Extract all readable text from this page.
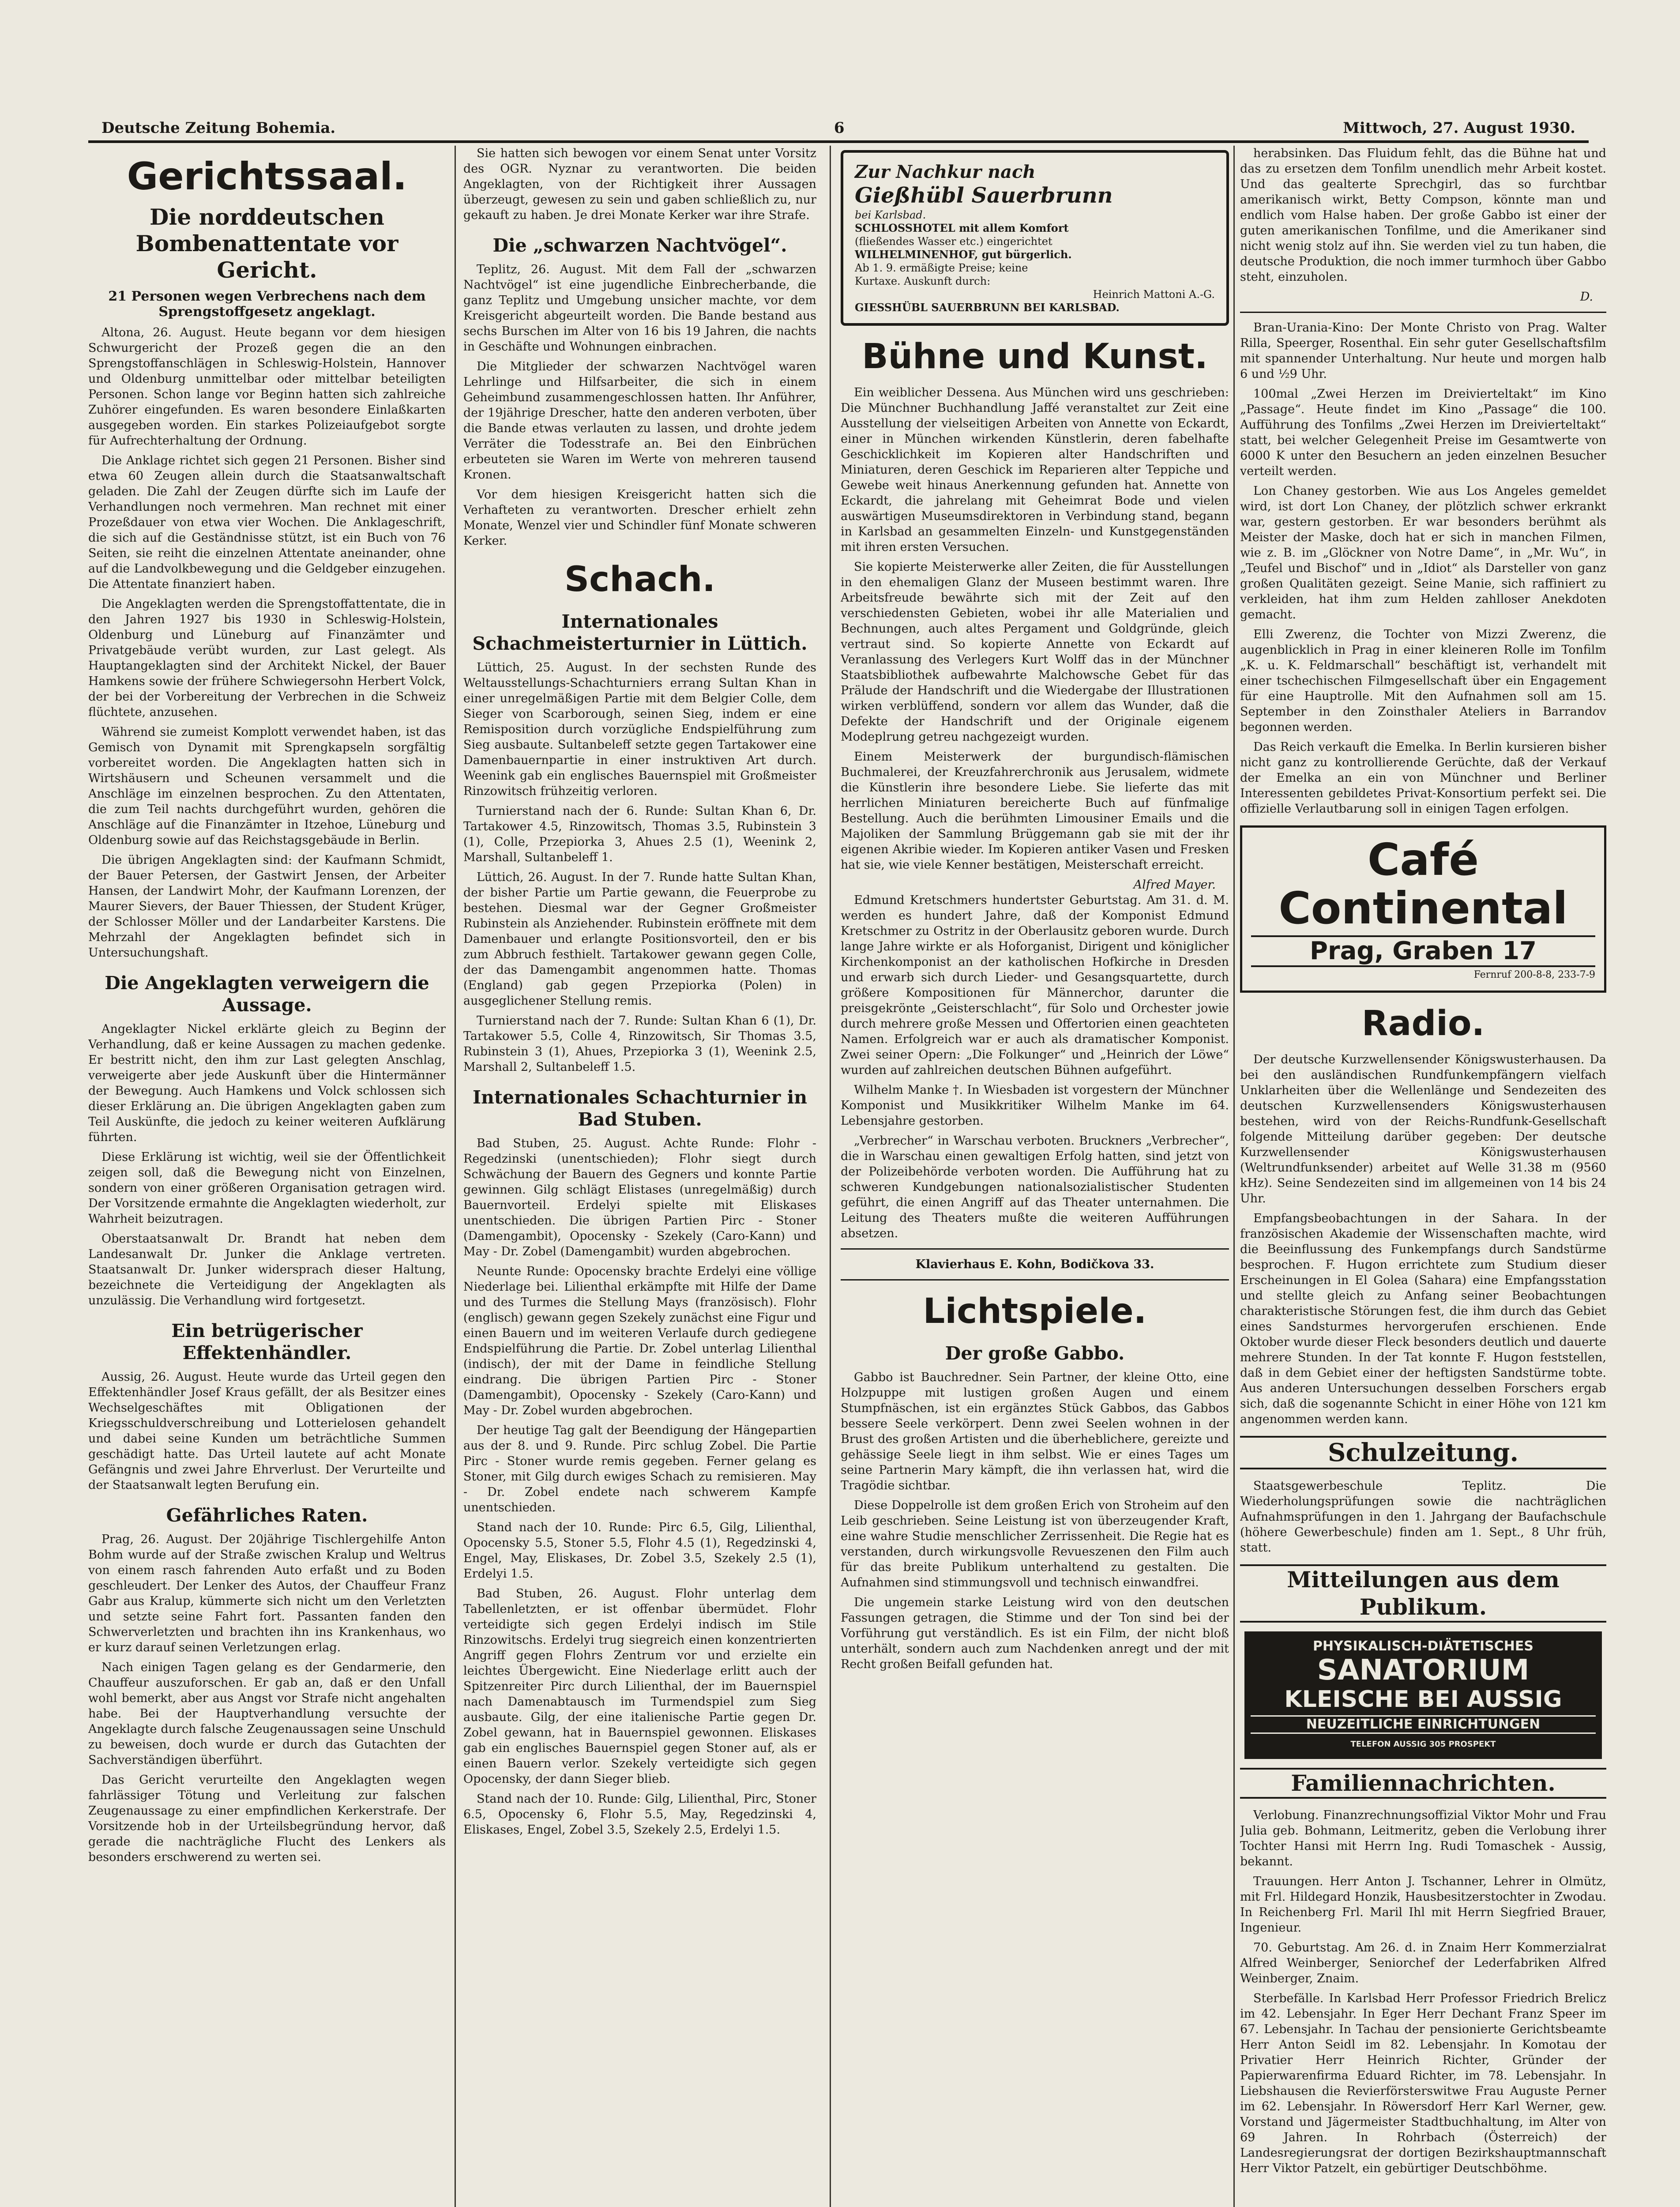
Deutsche Zeitung Bohemia.	6	Mittwoch, 27. August 1930.
Gerichtssaal.
Die norddeutschen Bombenattentate vor Gericht.
21 Personen wegen Verbrechens nach dem Sprengstoffgesetz angeklagt.

Altona, 26. August. Heute begann vor dem hiesigen Schwurgericht der Prozeß gegen die an den Sprengstoffanschlägen in Schleswig-Holstein, Hannover und Oldenburg unmittelbar oder mittelbar beteiligten Personen. Schon lange vor Beginn hatten sich zahlreiche Zuhörer eingefunden. Es waren besondere Einlaßkarten ausgegeben worden. Ein starkes Polizeiaufgebot sorgte für Aufrechterhaltung der Ordnung.

Die Anklage richtet sich gegen 21 Personen. Bisher sind etwa 60 Zeugen allein durch die Staatsanwaltschaft geladen. Die Zahl der Zeugen dürfte sich im Laufe der Verhandlungen noch vermehren. Man rechnet mit einer Prozeßdauer von etwa vier Wochen. Die Anklageschrift, die sich auf die Geständnisse stützt, ist ein Buch von 76 Seiten, sie reiht die einzelnen Attentate aneinander, ohne auf die Landvolkbewegung und die Geldgeber einzugehen. Die Attentate finanziert haben.

Die Angeklagten werden die Sprengstoffattentate, die in den Jahren 1927 bis 1930 in Schleswig-Holstein, Oldenburg und Lüneburg auf Finanzämter und Privatgebäude verübt wurden, zur Last gelegt. Als Hauptangeklagten sind der Architekt Nickel, der Bauer Hamkens sowie der frühere Schwiegersohn Herbert Volck, der bei der Vorbereitung der Verbrechen in die Schweiz flüchtete, anzusehen.

Während sie zumeist Komplott verwendet haben, ist das Gemisch von Dynamit mit Sprengkapseln sorgfältig vorbereitet worden. Die Angeklagten hatten sich in Wirtshäusern und Scheunen versammelt und die Anschläge im einzelnen besprochen. Zu den Attentaten, die zum Teil nachts durchgeführt wurden, gehören die Anschläge auf die Finanzämter in Itzehoe, Lüneburg und Oldenburg sowie auf das Reichstagsgebäude in Berlin.

Die übrigen Angeklagten sind: der Kaufmann Schmidt, der Bauer Petersen, der Gastwirt Jensen, der Arbeiter Hansen, der Landwirt Mohr, der Kaufmann Lorenzen, der Maurer Sievers, der Bauer Thiessen, der Student Krüger, der Schlosser Möller und der Landarbeiter Karstens. Die Mehrzahl der Angeklagten befindet sich in Untersuchungshaft.

Die Angeklagten verweigern die Aussage.

Angeklagter Nickel erklärte gleich zu Beginn der Verhandlung, daß er keine Aussagen zu machen gedenke. Er bestritt nicht, den ihm zur Last gelegten Anschlag, verweigerte aber jede Auskunft über die Hintermänner der Bewegung. Auch Hamkens und Volck schlossen sich dieser Erklärung an. Die übrigen Angeklagten gaben zum Teil Auskünfte, die jedoch zu keiner weiteren Aufklärung führten.

Diese Erklärung ist wichtig, weil sie der Öffentlichkeit zeigen soll, daß die Bewegung nicht von Einzelnen, sondern von einer größeren Organisation getragen wird. Der Vorsitzende ermahnte die Angeklagten wiederholt, zur Wahrheit beizutragen.

Oberstaatsanwalt Dr. Brandt hat neben dem Landesanwalt Dr. Junker die Anklage vertreten. Staatsanwalt Dr. Junker widersprach dieser Haltung, bezeichnete die Verteidigung der Angeklagten als unzulässig. Die Verhandlung wird fortgesetzt.

Ein betrügerischer Effektenhändler.

Aussig, 26. August. Heute wurde das Urteil gegen den Effektenhändler Josef Kraus gefällt, der als Besitzer eines Wechselgeschäftes mit Obligationen der Kriegsschuldverschreibung und Lotterielosen gehandelt und dabei seine Kunden um beträchtliche Summen geschädigt hatte. Das Urteil lautete auf acht Monate Gefängnis und zwei Jahre Ehrverlust. Der Verurteilte und der Staatsanwalt legten Berufung ein.

Gefährliches Raten.

Prag, 26. August. Der 20jährige Tischlergehilfe Anton Bohm wurde auf der Straße zwischen Kralup und Weltrus von einem rasch fahrenden Auto erfaßt und zu Boden geschleudert. Der Lenker des Autos, der Chauffeur Franz Gabr aus Kralup, kümmerte sich nicht um den Verletzten und setzte seine Fahrt fort. Passanten fanden den Schwerverletzten und brachten ihn ins Krankenhaus, wo er kurz darauf seinen Verletzungen erlag.

Nach einigen Tagen gelang es der Gendarmerie, den Chauffeur auszuforschen. Er gab an, daß er den Unfall wohl bemerkt, aber aus Angst vor Strafe nicht angehalten habe. Bei der Hauptverhandlung versuchte der Angeklagte durch falsche Zeugenaussagen seine Unschuld zu beweisen, doch wurde er durch das Gutachten der Sachverständigen überführt.

Das Gericht verurteilte den Angeklagten wegen fahrlässiger Tötung und Verleitung zur falschen Zeugenaussage zu einer empfindlichen Kerkerstrafe. Der Vorsitzende hob in der Urteilsbegründung hervor, daß gerade die nachträgliche Flucht des Lenkers als besonders erschwerend zu werten sei.

Sie hatten sich bewogen vor einem Senat unter Vorsitz des OGR. Nyznar zu verantworten. Die beiden Angeklagten, von der Richtigkeit ihrer Aussagen überzeugt, gewesen zu sein und gaben schließlich zu, nur gekauft zu haben. Je drei Monate Kerker war ihre Strafe.

Die „schwarzen Nachtvögel“.

Teplitz, 26. August. Mit dem Fall der „schwarzen Nachtvögel“ ist eine jugendliche Einbrecherbande, die ganz Teplitz und Umgebung unsicher machte, vor dem Kreisgericht abgeurteilt worden. Die Bande bestand aus sechs Burschen im Alter von 16 bis 19 Jahren, die nachts in Geschäfte und Wohnungen einbrachen.

Die Mitglieder der schwarzen Nachtvögel waren Lehrlinge und Hilfsarbeiter, die sich in einem Geheimbund zusammengeschlossen hatten. Ihr Anführer, der 19jährige Drescher, hatte den anderen verboten, über die Bande etwas verlauten zu lassen, und drohte jedem Verräter die Todesstrafe an. Bei den Einbrüchen erbeuteten sie Waren im Werte von mehreren tausend Kronen.

Vor dem hiesigen Kreisgericht hatten sich die Verhafteten zu verantworten. Drescher erhielt zehn Monate, Wenzel vier und Schindler fünf Monate schweren Kerker.

Schach.
Internationales Schachmeisterturnier in Lüttich.

Lüttich, 25. August. In der sechsten Runde des Weltausstellungs-Schachturniers errang Sultan Khan in einer unregelmäßigen Partie mit dem Belgier Colle, dem Sieger von Scarborough, seinen Sieg, indem er eine Remisposition durch vorzügliche Endspielführung zum Sieg ausbaute. Sultanbeleff setzte gegen Tartakower eine Damenbauernpartie in einer instruktiven Art durch. Weenink gab ein englisches Bauernspiel mit Großmeister Rinzowitsch frühzeitig verloren.

Turnierstand nach der 6. Runde: Sultan Khan 6, Dr. Tartakower 4.5, Rinzowitsch, Thomas 3.5, Rubinstein 3 (1), Colle, Przepiorka 3, Ahues 2.5 (1), Weenink 2, Marshall, Sultanbeleff 1.

Lüttich, 26. August. In der 7. Runde hatte Sultan Khan, der bisher Partie um Partie gewann, die Feuerprobe zu bestehen. Diesmal war der Gegner Großmeister Rubinstein als Anziehender. Rubinstein eröffnete mit dem Damenbauer und erlangte Positionsvorteil, den er bis zum Abbruch festhielt. Tartakower gewann gegen Colle, der das Damengambit angenommen hatte. Thomas (England) gab gegen Przepiorka (Polen) in ausgeglichener Stellung remis.

Turnierstand nach der 7. Runde: Sultan Khan 6 (1), Dr. Tartakower 5.5, Colle 4, Rinzowitsch, Sir Thomas 3.5, Rubinstein 3 (1), Ahues, Przepiorka 3 (1), Weenink 2.5, Marshall 2, Sultanbeleff 1.5.

Internationales Schachturnier in Bad Stuben.

Bad Stuben, 25. August. Achte Runde: Flohr - Regedzinski (unentschieden); Flohr siegt durch Schwächung der Bauern des Gegners und konnte Partie gewinnen. Gilg schlägt Elistases (unregelmäßig) durch Bauernvorteil. Erdelyi spielte mit Eliskases unentschieden. Die übrigen Partien Pirc - Stoner (Damengambit), Opocensky - Szekely (Caro-Kann) und May - Dr. Zobel (Damengambit) wurden abgebrochen.

Neunte Runde: Opocensky brachte Erdelyi eine völlige Niederlage bei. Lilienthal erkämpfte mit Hilfe der Dame und des Turmes die Stellung Mays (französisch). Flohr (englisch) gewann gegen Szekely zunächst eine Figur und einen Bauern und im weiteren Verlaufe durch gediegene Endspielführung die Partie. Dr. Zobel unterlag Lilienthal (indisch), der mit der Dame in feindliche Stellung eindrang. Die übrigen Partien Pirc - Stoner (Damengambit), Opocensky - Szekely (Caro-Kann) und May - Dr. Zobel wurden abgebrochen.

Der heutige Tag galt der Beendigung der Hängepartien aus der 8. und 9. Runde. Pirc schlug Zobel. Die Partie Pirc - Stoner wurde remis gegeben. Ferner gelang es Stoner, mit Gilg durch ewiges Schach zu remisieren. May - Dr. Zobel endete nach schwerem Kampfe unentschieden.

Stand nach der 10. Runde: Pirc 6.5, Gilg, Lilienthal, Opocensky 5.5, Stoner 5.5, Flohr 4.5 (1), Regedzinski 4, Engel, May, Eliskases, Dr. Zobel 3.5, Szekely 2.5 (1), Erdelyi 1.5.

Bad Stuben, 26. August. Flohr unterlag dem Tabellenletzten, er ist offenbar übermüdet. Flohr verteidigte sich gegen Erdelyi indisch im Stile Rinzowitschs. Erdelyi trug siegreich einen konzentrierten Angriff gegen Flohrs Zentrum vor und erzielte ein leichtes Übergewicht. Eine Niederlage erlitt auch der Spitzenreiter Pirc durch Lilienthal, der im Bauernspiel nach Damenabtausch im Turmendspiel zum Sieg ausbaute. Gilg, der eine italienische Partie gegen Dr. Zobel gewann, hat in Bauernspiel gewonnen. Eliskases gab ein englisches Bauernspiel gegen Stoner auf, als er einen Bauern verlor. Szekely verteidigte sich gegen Opocensky, der dann Sieger blieb.

Stand nach der 10. Runde: Gilg, Lilienthal, Pirc, Stoner 6.5, Opocensky 6, Flohr 5.5, May, Regedzinski 4, Eliskases, Engel, Zobel 3.5, Szekely 2.5, Erdelyi 1.5.

Zur Nachkur nach
Gießhübl Sauerbrunn
bei Karlsbad.
SCHLOSSHOTEL mit allem Komfort
(fließendes Wasser etc.) eingerichtet
WILHELMINENHOF, gut bürgerlich.
Ab 1. 9. ermäßigte Preise; keine
Kurtaxe. Auskunft durch:
Heinrich Mattoni A.-G.
GIESSHÜBL SAUERBRUNN BEI KARLSBAD.
Bühne und Kunst.

Ein weiblicher Dessena. Aus München wird uns geschrieben: Die Münchner Buchhandlung Jaffé veranstaltet zur Zeit eine Ausstellung der vielseitigen Arbeiten von Annette von Eckardt, einer in München wirkenden Künstlerin, deren fabelhafte Geschicklichkeit im Kopieren alter Handschriften und Miniaturen, deren Geschick im Reparieren alter Teppiche und Gewebe weit hinaus Anerkennung gefunden hat. Annette von Eckardt, die jahrelang mit Geheimrat Bode und vielen auswärtigen Museumsdirektoren in Verbindung stand, begann in Karlsbad an gesammelten Einzeln- und Kunstgegenständen mit ihren ersten Versuchen.

Sie kopierte Meisterwerke aller Zeiten, die für Ausstellungen in den ehemaligen Glanz der Museen bestimmt waren. Ihre Arbeitsfreude bewährte sich mit der Zeit auf den verschiedensten Gebieten, wobei ihr alle Materialien und Bechnungen, auch altes Pergament und Goldgründe, gleich vertraut sind. So kopierte Annette von Eckardt auf Veranlassung des Verlegers Kurt Wolff das in der Münchner Staatsbibliothek aufbewahrte Malchowsche Gebet für das Prälude der Handschrift und die Wiedergabe der Illustrationen wirken verblüffend, sondern vor allem das Wunder, daß die Defekte der Handschrift und der Originale eigenem Modeplrung getreu nachgezeigt wurden.

Einem Meisterwerk der burgundisch-flämischen Buchmalerei, der Kreuzfahrerchronik aus Jerusalem, widmete die Künstlerin ihre besondere Liebe. Sie lieferte das mit herrlichen Miniaturen bereicherte Buch auf fünfmalige Bestellung. Auch die berühmten Limousiner Emails und die Majoliken der Sammlung Brüggemann gab sie mit der ihr eigenen Akribie wieder. Im Kopieren antiker Vasen und Fresken hat sie, wie viele Kenner bestätigen, Meisterschaft erreicht.

Alfred Mayer.

Edmund Kretschmers hundertster Geburtstag. Am 31. d. M. werden es hundert Jahre, daß der Komponist Edmund Kretschmer zu Ostritz in der Oberlausitz geboren wurde. Durch lange Jahre wirkte er als Hoforganist, Dirigent und königlicher Kirchenkomponist an der katholischen Hofkirche in Dresden und erwarb sich durch Lieder- und Gesangsquartette, durch größere Kompositionen für Männerchor, darunter die preisgekrönte „Geisterschlacht“, für Solo und Orchester jowie durch mehrere große Messen und Offertorien einen geachteten Namen. Erfolgreich war er auch als dramatischer Komponist. Zwei seiner Opern: „Die Folkunger“ und „Heinrich der Löwe“ wurden auf zahlreichen deutschen Bühnen aufgeführt.

Wilhelm Manke †. In Wiesbaden ist vorgestern der Münchner Komponist und Musikkritiker Wilhelm Manke im 64. Lebensjahre gestorben.

„Verbrecher“ in Warschau verboten. Bruckners „Verbrecher“, die in Warschau einen gewaltigen Erfolg hatten, sind jetzt von der Polizeibehörde verboten worden. Die Aufführung hat zu schweren Kundgebungen nationalsozialistischer Studenten geführt, die einen Angriff auf das Theater unternahmen. Die Leitung des Theaters mußte die weiteren Aufführungen absetzen.

Klavierhaus E. Kohn, Bodičkova 33.
Lichtspiele.
Der große Gabbo.

Gabbo ist Bauchredner. Sein Partner, der kleine Otto, eine Holzpuppe mit lustigen großen Augen und einem Stumpfnäschen, ist ein ergänztes Stück Gabbos, das Gabbos bessere Seele verkörpert. Denn zwei Seelen wohnen in der Brust des großen Artisten und die überheblichere, gereizte und gehässige Seele liegt in ihm selbst. Wie er eines Tages um seine Partnerin Mary kämpft, die ihn verlassen hat, wird die Tragödie sichtbar.

Diese Doppelrolle ist dem großen Erich von Stroheim auf den Leib geschrieben. Seine Leistung ist von überzeugender Kraft, eine wahre Studie menschlicher Zerrissenheit. Die Regie hat es verstanden, durch wirkungsvolle Revueszenen den Film auch für das breite Publikum unterhaltend zu gestalten. Die Aufnahmen sind stimmungsvoll und technisch einwandfrei.

Die ungemein starke Leistung wird von den deutschen Fassungen getragen, die Stimme und der Ton sind bei der Vorführung gut verständlich. Es ist ein Film, der nicht bloß unterhält, sondern auch zum Nachdenken anregt und der mit Recht großen Beifall gefunden hat.

herabsinken. Das Fluidum fehlt, das die Bühne hat und das zu ersetzen dem Tonfilm unendlich mehr Arbeit kostet. Und das gealterte Sprechgirl, das so furchtbar amerikanisch wirkt, Betty Compson, könnte man und endlich vom Halse haben. Der große Gabbo ist einer der guten amerikanischen Tonfilme, und die Amerikaner sind nicht wenig stolz auf ihn. Sie werden viel zu tun haben, die deutsche Produktion, die noch immer turmhoch über Gabbo steht, einzuholen.

D.

Bran-Urania-Kino: Der Monte Christo von Prag. Walter Rilla, Speerger, Rosenthal. Ein sehr guter Gesellschaftsfilm mit spannender Unterhaltung. Nur heute und morgen halb 6 und ½9 Uhr.

100mal „Zwei Herzen im Dreivierteltakt“ im Kino „Passage“. Heute findet im Kino „Passage“ die 100. Aufführung des Tonfilms „Zwei Herzen im Dreivierteltakt“ statt, bei welcher Gelegenheit Preise im Gesamtwerte von 6000 K unter den Besuchern an jeden einzelnen Besucher verteilt werden.

Lon Chaney gestorben. Wie aus Los Angeles gemeldet wird, ist dort Lon Chaney, der plötzlich schwer erkrankt war, gestern gestorben. Er war besonders berühmt als Meister der Maske, doch hat er sich in manchen Filmen, wie z. B. im „Glöckner von Notre Dame“, in „Mr. Wu“, in „Teufel und Bischof“ und in „Idiot“ als Darsteller von ganz großen Qualitäten gezeigt. Seine Manie, sich raffiniert zu verkleiden, hat ihm zum Helden zahlloser Anekdoten gemacht.

Elli Zwerenz, die Tochter von Mizzi Zwerenz, die augenblicklich in Prag in einer kleineren Rolle im Tonfilm „K. u. K. Feldmarschall“ beschäftigt ist, verhandelt mit einer tschechischen Filmgesellschaft über ein Engagement für eine Hauptrolle. Mit den Aufnahmen soll am 15. September in den Zoinsthaler Ateliers in Barrandov begonnen werden.

Das Reich verkauft die Emelka. In Berlin kursieren bisher nicht ganz zu kontrollierende Gerüchte, daß der Verkauf der Emelka an ein von Münchner und Berliner Interessenten gebildetes Privat-Konsortium perfekt sei. Die offizielle Verlautbarung soll in einigen Tagen erfolgen.

Café Continental
Prag, Graben 17
Fernruf 200-8-8, 233-7-9
Radio.

Der deutsche Kurzwellensender Königswusterhausen. Da bei den ausländischen Rundfunkempfängern vielfach Unklarheiten über die Wellenlänge und Sendezeiten des deutschen Kurzwellensenders Königswusterhausen bestehen, wird von der Reichs-Rundfunk-Gesellschaft folgende Mitteilung darüber gegeben: Der deutsche Kurzwellensender Königswusterhausen (Weltrundfunksender) arbeitet auf Welle 31.38 m (9560 kHz). Seine Sendezeiten sind im allgemeinen von 14 bis 24 Uhr.

Empfangsbeobachtungen in der Sahara. In der französischen Akademie der Wissenschaften machte, wird die Beeinflussung des Funkempfangs durch Sandstürme besprochen. F. Hugon errichtete zum Studium dieser Erscheinungen in El Golea (Sahara) eine Empfangsstation und stellte gleich zu Anfang seiner Beobachtungen charakteristische Störungen fest, die ihm durch das Gebiet eines Sandsturmes hervorgerufen erschienen. Ende Oktober wurde dieser Fleck besonders deutlich und dauerte mehrere Stunden. In der Tat konnte F. Hugon feststellen, daß in dem Gebiet einer der heftigsten Sandstürme tobte. Aus anderen Untersuchungen desselben Forschers ergab sich, daß die sogenannte Schicht in einer Höhe von 121 km angenommen werden kann.

Schulzeitung.

Staatsgewerbeschule Teplitz. Die Wiederholungsprüfungen sowie die nachträglichen Aufnahmsprüfungen in den 1. Jahrgang der Baufachschule (höhere Gewerbeschule) finden am 1. Sept., 8 Uhr früh, statt.

Mitteilungen aus dem Publikum.
PHYSIKALISCH-DIÄTETISCHES
SANATORIUM
KLEISCHE BEI AUSSIG
NEUZEITLICHE EINRICHTUNGEN
TELEFON AUSSIG 305 PROSPEKT
Familiennachrichten.

Verlobung. Finanzrechnungsoffizial Viktor Mohr und Frau Julia geb. Bohmann, Leitmeritz, geben die Verlobung ihrer Tochter Hansi mit Herrn Ing. Rudi Tomaschek - Aussig, bekannt.

Trauungen. Herr Anton J. Tschanner, Lehrer in Olmütz, mit Frl. Hildegard Honzik, Hausbesitzerstochter in Zwodau. In Reichenberg Frl. Maril Ihl mit Herrn Siegfried Brauer, Ingenieur.

70. Geburtstag. Am 26. d. in Znaim Herr Kommerzialrat Alfred Weinberger, Seniorchef der Lederfabriken Alfred Weinberger, Znaim.

Sterbefälle. In Karlsbad Herr Professor Friedrich Brelicz im 42. Lebensjahr. In Eger Herr Dechant Franz Speer im 67. Lebensjahr. In Tachau der pensionierte Gerichtsbeamte Herr Anton Seidl im 82. Lebensjahr. In Komotau der Privatier Herr Heinrich Richter, Gründer der Papierwarenfirma Eduard Richter, im 78. Lebensjahr. In Liebshausen die Revierförsterswitwe Frau Auguste Perner im 62. Lebensjahr. In Röwersdorf Herr Karl Werner, gew. Vorstand und Jägermeister Stadtbuchhaltung, im Alter von 69 Jahren. In Rohrbach (Österreich) der Landesregierungsrat der dortigen Bezirkshauptmannschaft Herr Viktor Patzelt, ein gebürtiger Deutschböhme.
